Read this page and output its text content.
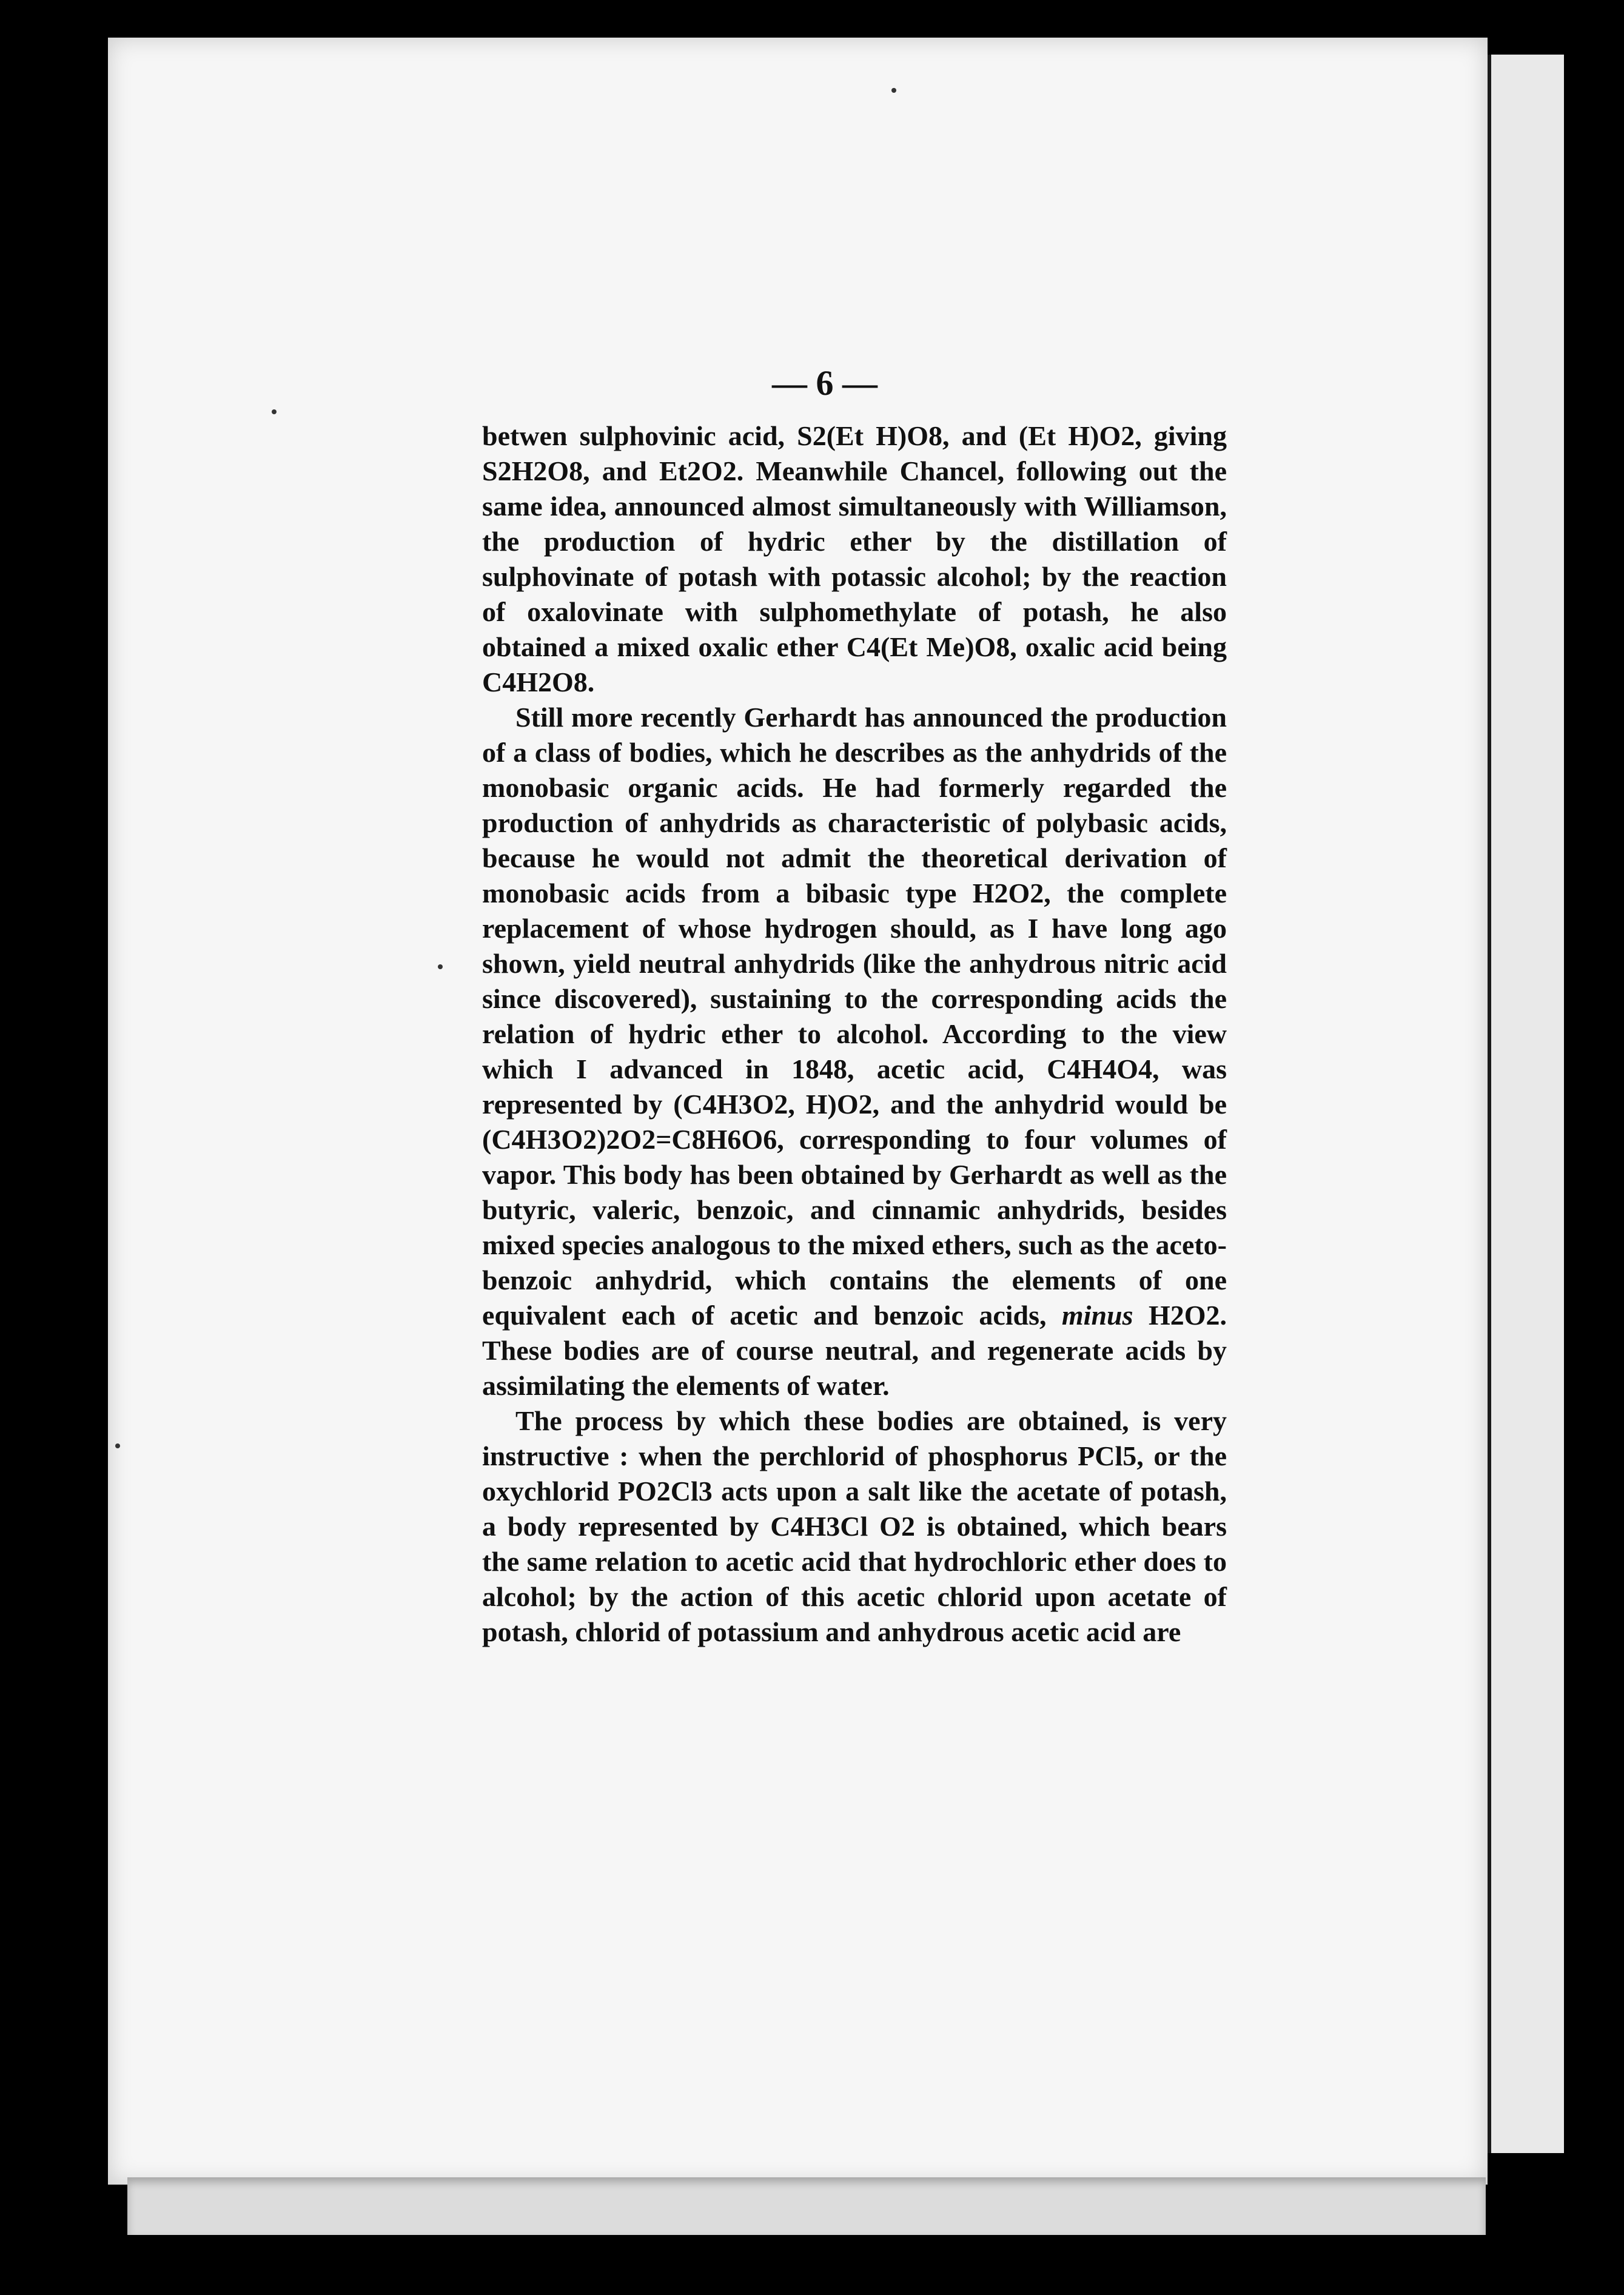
— 6 —

betwen sulphovinic acid, S2(Et H)O8, and (Et H)O2, giving S2H2O8, and Et2O2. Meanwhile Chancel, following out the same idea, announced almost simultaneously with Williamson, the production of hydric ether by the distillation of sulphovinate of potash with potassic alcohol; by the reaction of oxalovinate with sulphomethylate of potash, he also obtained a mixed oxalic ether C4(Et Me)O8, oxalic acid being C4H2O8.

Still more recently Gerhardt has announced the production of a class of bodies, which he describes as the anhydrids of the monobasic organic acids. He had formerly regarded the production of anhydrids as characteristic of polybasic acids, because he would not admit the theoretical derivation of monobasic acids from a bibasic type H2O2, the complete replacement of whose hydrogen should, as I have long ago shown, yield neutral anhydrids (like the anhydrous nitric acid since discovered), sustaining to the corresponding acids the relation of hydric ether to alcohol. According to the view which I advanced in 1848, acetic acid, C4H4O4, was represented by (C4H3O2, H)O2, and the anhydrid would be (C4H3O2)2O2=C8H6O6, corresponding to four volumes of vapor. This body has been obtained by Gerhardt as well as the butyric, valeric, benzoic, and cinnamic anhydrids, besides mixed species analogous to the mixed ethers, such as the aceto-benzoic anhydrid, which contains the elements of one equivalent each of acetic and benzoic acids, minus H2O2. These bodies are of course neutral, and regenerate acids by assimilating the elements of water.

The process by which these bodies are obtained, is very instructive : when the perchlorid of phosphorus PCl5, or the oxychlorid PO2Cl3 acts upon a salt like the acetate of potash, a body represented by C4H3Cl O2 is obtained, which bears the same relation to acetic acid that hydrochloric ether does to alcohol; by the action of this acetic chlorid upon acetate of potash, chlorid of potassium and anhydrous acetic acid are
